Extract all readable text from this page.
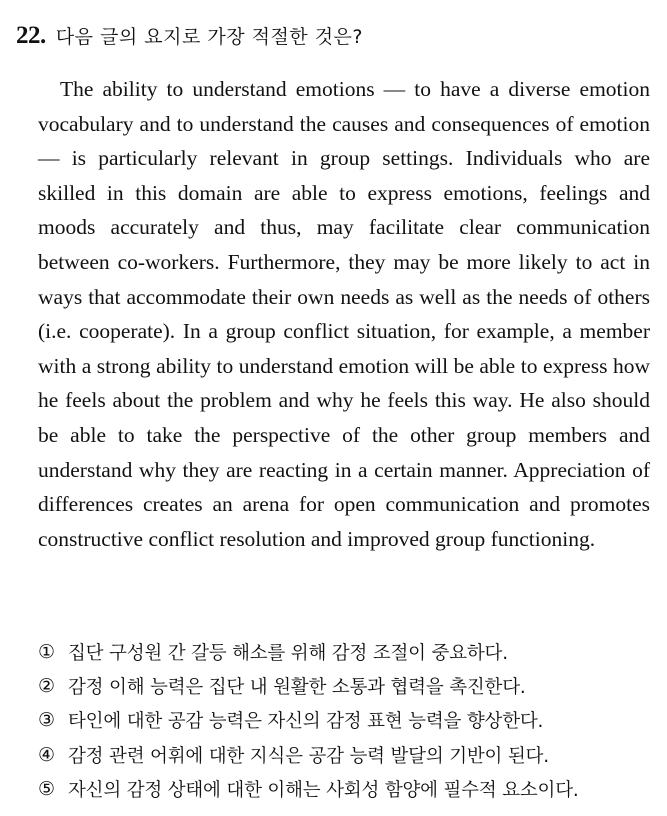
22. 다음 글의 요지로 가장 적절한 것은?

The ability to understand emotions — to have a diverse emotion vocabulary and to understand the causes and consequences of emotion — is particularly relevant in group settings. Individuals who are skilled in this domain are able to express emotions, feelings and moods accurately and thus, may facilitate clear communication between co-workers. Furthermore, they may be more likely to act in ways that accommodate their own needs as well as the needs of others (i.e. cooperate). In a group conflict situation, for example, a member with a strong ability to understand emotion will be able to express how he feels about the problem and why he feels this way. He also should be able to take the perspective of the other group members and understand why they are reacting in a certain manner. Appreciation of differences creates an arena for open communication and promotes constructive conflict resolution and improved group functioning.

① 집단 구성원 간 갈등 해소를 위해 감정 조절이 중요하다.
② 감정 이해 능력은 집단 내 원활한 소통과 협력을 촉진한다.
③ 타인에 대한 공감 능력은 자신의 감정 표현 능력을 향상한다.
④ 감정 관련 어휘에 대한 지식은 공감 능력 발달의 기반이 된다.
⑤ 자신의 감정 상태에 대한 이해는 사회성 함양에 필수적 요소이다.
